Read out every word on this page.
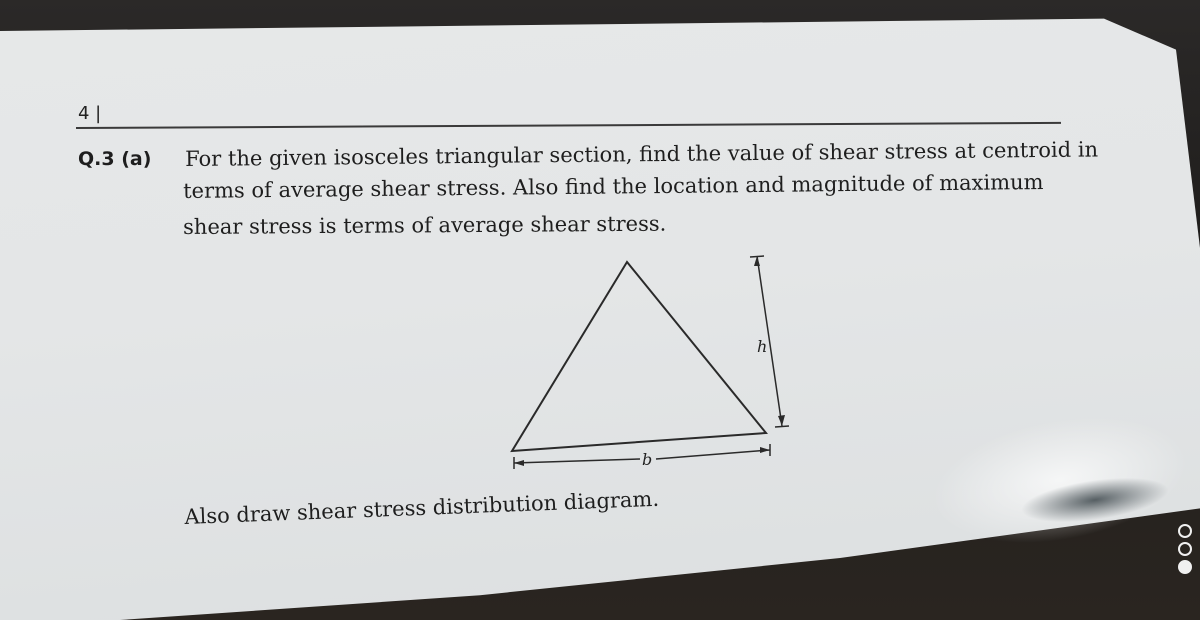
4 |
Q.3 (a) For the given isosceles triangular section, find the value of shear stress at centroid in
terms of average shear stress. Also find the location and magnitude of maximum
shear stress is terms of average shear stress.
h
b
Also draw shear stress distribution diagram.
